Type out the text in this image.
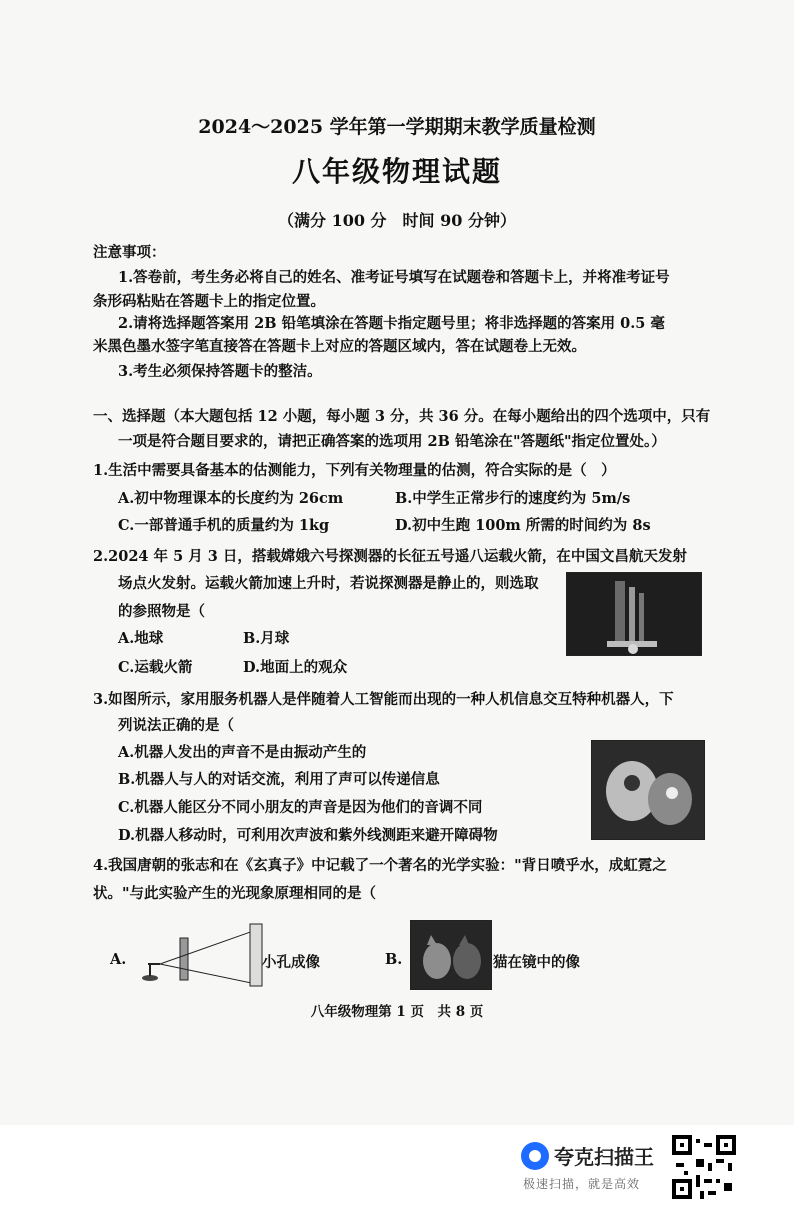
2024～2025 学年第一学期期末教学质量检测
八年级物理试题
（满分 100 分　时间 90 分钟）
注意事项：
1.答卷前，考生务必将自己的姓名、准考证号填写在试题卷和答题卡上，并将准考证号
条形码粘贴在答题卡上的指定位置。
2.请将选择题答案用 2B 铅笔填涂在答题卡指定题号里；将非选择题的答案用 0.5 毫
米黑色墨水签字笔直接答在答题卡上对应的答题区域内，答在试题卷上无效。
3.考生必须保持答题卡的整洁。
一、选择题（本大题包括 12 小题，每小题 3 分，共 36 分。在每小题给出的四个选项中，只有
一项是符合题目要求的，请把正确答案的选项用 2B 铅笔涂在"答题纸"指定位置处。）
1.生活中需要具备基本的估测能力，下列有关物理量的估测，符合实际的是（　）
A.初中物理课本的长度约为 26cm	B.中学生正常步行的速度约为 5m/s
C.一部普通手机的质量约为 1kg	D.初中生跑 100m 所需的时间约为 8s
2.2024 年 5 月 3 日，搭载嫦娥六号探测器的长征五号遥八运载火箭，在中国文昌航天发射
场点火发射。运载火箭加速上升时，若说探测器是静止的，则选取
的参照物是（
A.地球	B.月球
C.运载火箭	D.地面上的观众
3.如图所示，家用服务机器人是伴随着人工智能而出现的一种人机信息交互特种机器人，下
列说法正确的是（
A.机器人发出的声音不是由振动产生的
B.机器人与人的对话交流，利用了声可以传递信息
C.机器人能区分不同小朋友的声音是因为他们的音调不同
D.机器人移动时，可利用次声波和紫外线测距来避开障碍物
4.我国唐朝的张志和在《玄真子》中记载了一个著名的光学实验："背日喷乎水，成虹霓之
状。"与此实验产生的光现象原理相同的是（
A.	小孔成像	B.	猫在镜中的像
八年级物理第 1 页　共 8 页
夸克扫描王
极速扫描，就是高效
